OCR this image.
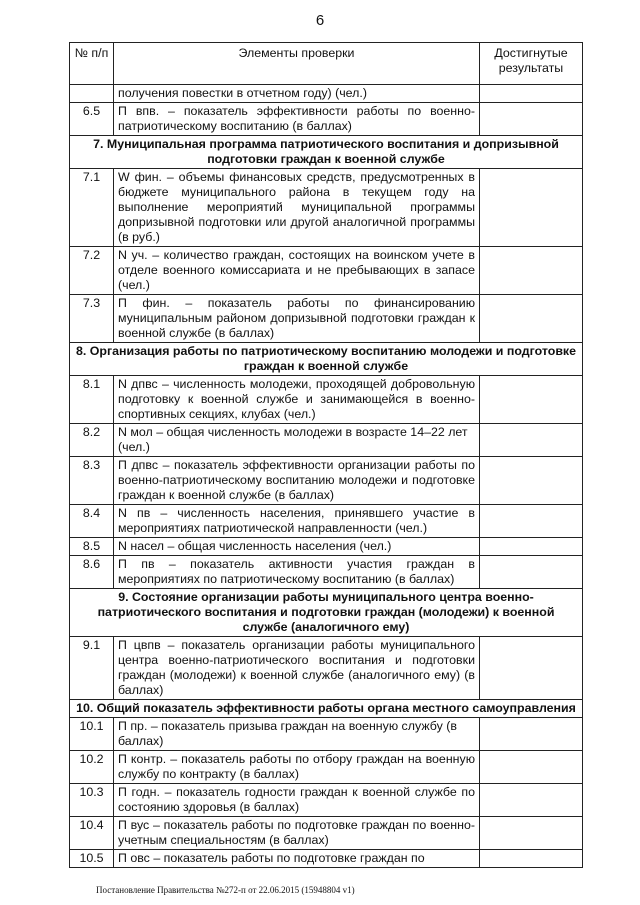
6
№ п/п	Элементы проверки	Достигнутые результаты
	получения повестки в отчетном году) (чел.)	
6.5	П впв. – показатель эффективности работы по военно-патриотическому воспитанию (в баллах)	
7. Муниципальная программа патриотического воспитания и допризывной подготовки граждан к военной службе		
7.1	W фин. – объемы финансовых средств, предусмотренных в бюджете муниципального района в текущем году на выполнение мероприятий муниципальной программы допризывной подготовки или другой аналогичной программы (в руб.)	
7.2	N уч. – количество граждан, состоящих на воинском учете в отделе военного комиссариата и не пребывающих в запасе (чел.)	
7.3	П фин. – показатель работы по финансированию муниципальным районом допризывной подготовки граждан к военной службе (в баллах)	
8. Организация работы по патриотическому воспитанию молодежи и подготовке граждан к военной службе		
8.1	N дпвс – численность молодежи, проходящей добровольную подготовку к военной службе и занимающейся в военно-спортивных секциях, клубах (чел.)	
8.2	N мол – общая численность молодежи в возрасте 14–22 лет (чел.)	
8.3	П дпвс – показатель эффективности организации работы по военно-патриотическому воспитанию молодежи и подготовке граждан к военной службе (в баллах)	
8.4	N пв – численность населения, принявшего участие в мероприятиях патриотической направленности (чел.)	
8.5	N насел – общая численность населения (чел.)	
8.6	П пв – показатель активности участия граждан в мероприятиях по патриотическому воспитанию (в баллах)	
9. Состояние организации работы муниципального центра военно-патриотического воспитания и подготовки граждан (молодежи) к военной службе (аналогичного ему)		
9.1	П цвпв – показатель организации работы муниципального центра военно-патриотического воспитания и подготовки граждан (молодежи) к военной службе (аналогичного ему) (в баллах)	
10. Общий показатель эффективности работы органа местного самоуправления		
10.1	П пр. – показатель призыва граждан на военную службу (в баллах)	
10.2	П контр. – показатель работы по отбору граждан на военную службу по контракту (в баллах)	
10.3	П годн. – показатель годности граждан к военной службе по состоянию здоровья (в баллах)	
10.4	П вус – показатель работы по подготовке граждан по военно-учетным специальностям (в баллах)	
10.5	П овс – показатель работы по подготовке граждан по	
Постановление Правительства №272-п от 22.06.2015 (15948804 v1)
